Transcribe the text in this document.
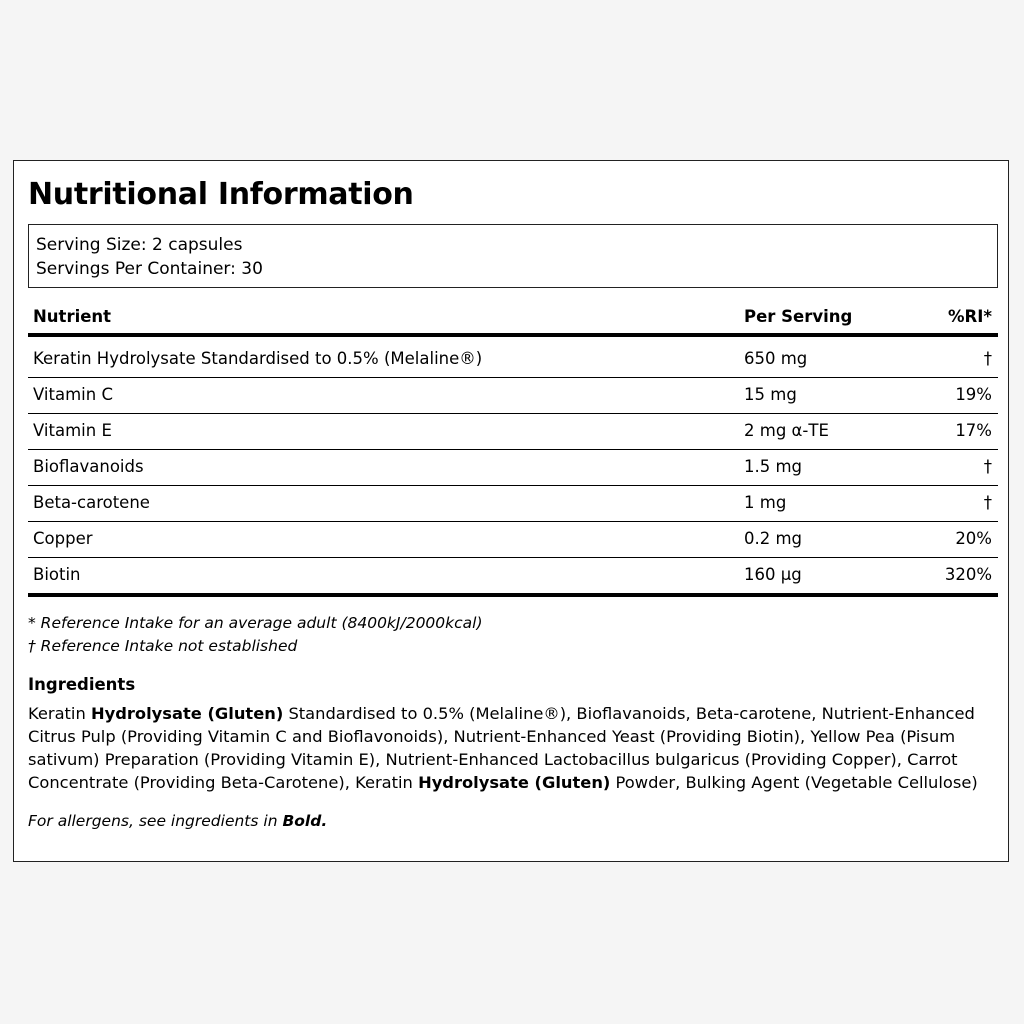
Nutritional Information
Serving Size: 2 capsules
Servings Per Container: 30
Nutrient	Per Serving	%RI*
Keratin Hydrolysate Standardised to 0.5% (Melaline®)	650 mg	†
Vitamin C	15 mg	19%
Vitamin E	2 mg α-TE	17%
Bioflavanoids	1.5 mg	†
Beta-carotene	1 mg	†
Copper	0.2 mg	20%
Biotin	160 μg	320%
* Reference Intake for an average adult (8400kJ/2000kcal)
† Reference Intake not established
Ingredients
Keratin Hydrolysate (Gluten) Standardised to 0.5% (Melaline®), Bioflavanoids, Beta-carotene, Nutrient-Enhanced Citrus Pulp (Providing Vitamin C and Bioflavonoids), Nutrient-Enhanced Yeast (Providing Biotin), Yellow Pea (Pisum sativum) Preparation (Providing Vitamin E), Nutrient-Enhanced Lactobacillus bulgaricus (Providing Copper), Carrot Concentrate (Providing Beta-Carotene), Keratin Hydrolysate (Gluten) Powder, Bulking Agent (Vegetable Cellulose)
For allergens, see ingredients in Bold.
